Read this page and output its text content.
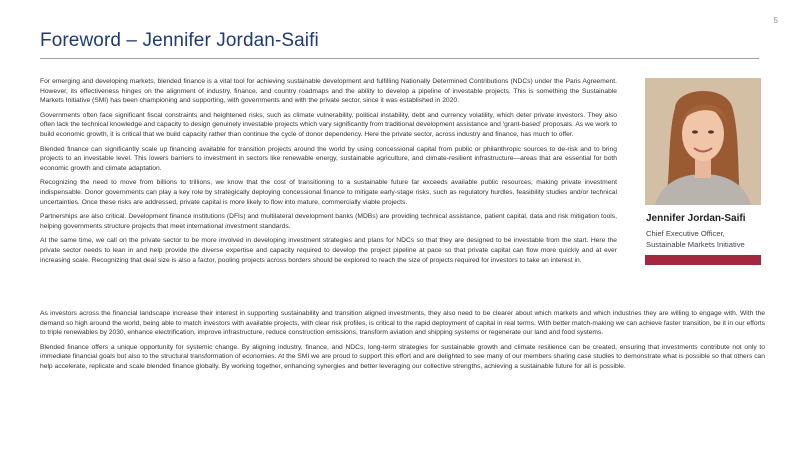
5
Foreword – Jennifer Jordan-Saifi

For emerging and developing markets, blended finance is a vital tool for achieving sustainable development and fulfilling Nationally Determined Contributions (NDCs) under the Paris Agreement. However, its effectiveness hinges on the alignment of industry, finance, and country roadmaps and the ability to develop a pipeline of investable projects. This is something the Sustainable Markets Initiative (SMI) has been championing and supporting, with governments and with the private sector, since it was established in 2020.

Governments often face significant fiscal constraints and heightened risks, such as climate vulnerability, political instability, debt and currency volatility, which deter private investors. They also often lack the technical knowledge and capacity to design genuinely investable projects which vary significantly from traditional development assistance and ‘grant-based’ proposals. As we work to build economic growth, it is critical that we build capacity rather than continue the cycle of donor dependency. Here the private sector, across industry and finance, has much to offer.

Blended finance can significantly scale up financing available for transition projects around the world by using concessional capital from public or philanthropic sources to de-risk and to bring projects to an investable level. This lowers barriers to investment in sectors like renewable energy, sustainable agriculture, and climate-resilient infrastructure—areas that are essential for both economic growth and climate adaptation.

Recognizing the need to move from billions to trillions, we know that the cost of transitioning to a sustainable future far exceeds available public resources, making private investment indispensable. Donor governments can play a key role by strategically deploying concessional finance to mitigate early-stage risks, such as regulatory hurdles, feasibility studies and/or technical uncertainties. Once these risks are addressed, private capital is more likely to flow into mature, commercially viable projects.

Partnerships are also critical. Development finance institutions (DFIs) and multilateral development banks (MDBs) are providing technical assistance, patient capital, data and risk mitigation tools, helping governments structure projects that meet international investment standards.

At the same time, we call on the private sector to be more involved in developing investment strategies and plans for NDCs so that they are designed to be investable from the start. Here the private sector needs to lean in and help provide the diverse expertise and capacity required to develop the project pipeline at pace so that private capital can flow more quickly and at ever increasing scale. Recognizing that deal size is also a factor, pooling projects across borders should be explored to reach the size of projects required for investors to take an interest in.

As investors across the financial landscape increase their interest in supporting sustainability and transition aligned investments, they also need to be clearer about which markets and which industries they are willing to engage with. With the demand so high around the world, being able to match investors with available projects, with clear risk profiles, is critical to the rapid deployment of capital in real terms. With better match-making we can achieve faster transition, be it in our efforts to triple renewables by 2030, enhance electrification, improve infrastructure, reduce construction emissions, transform aviation and shipping systems or regenerate our land and food systems.

Blended finance offers a unique opportunity for systemic change. By aligning industry, finance, and NDCs, long-term strategies for sustainable growth and climate resilience can be created, ensuring that investments contribute not only to immediate financial goals but also to the structural transformation of economies. At the SMI we are proud to support this effort and are delighted to see many of our members sharing case studies to demonstrate what is possible so that others can help accelerate, replicate and scale blended finance globally. By working together, enhancing synergies and better leveraging our collective strengths, achieving a sustainable future for all is possible.

Jennifer Jordan-Saifi
Chief Executive Officer,
Sustainable Markets Initiative
